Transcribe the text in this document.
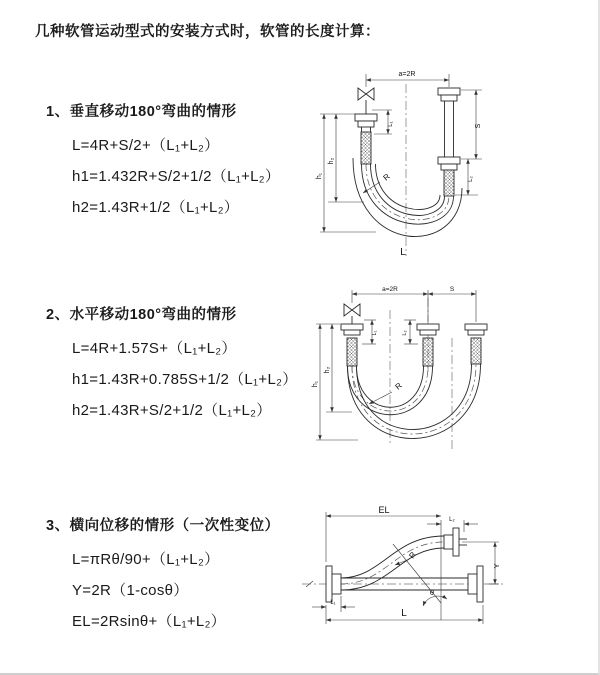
几种软管运动型式的安装方式时，软管的长度计算：
1、垂直移动180°弯曲的情形
L=4R+S/2+（L₁+L₂）
h1=1.432R+S/2+1/2（L₁+L₂）
h2=1.43R+1/2（L₁+L₂）
a=2R
S
L₂
h₁
h₂
L₁
R
L
2、水平移动180°弯曲的情形
L=4R+1.57S+（L₁+L₂）
h1=1.43R+0.785S+1/2（L₁+L₂）
h2=1.43R+S/2+1/2（L₁+L₂）
a=2R	S
h₁
h₂
L₁	L₂
R
3、横向位移的情形（一次性变位）
L=πRθ/90+（L₁+L₂）
Y=2R（1-cosθ）
EL=2Rsinθ+（L₁+L₂）
θ
EL
L₂
Y
L
L₁
R
